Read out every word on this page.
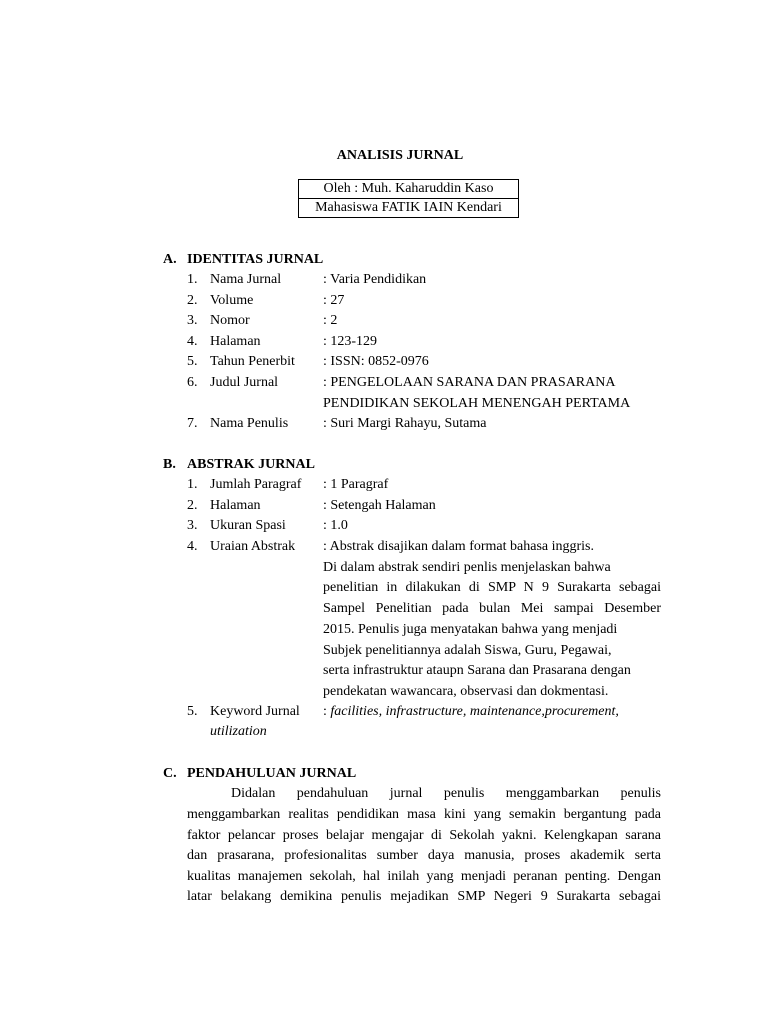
ANALISIS JURNAL
Oleh : Muh. Kaharuddin Kaso
Mahasiswa FATIK IAIN Kendari
A. IDENTITAS JURNAL
1. Nama Jurnal	: Varia Pendidikan
2. Volume	: 27
3. Nomor	: 2
4. Halaman	: 123-129
5. Tahun Penerbit : ISSN: 0852-0976
6. Judul Jurnal	: PENGELOLAAN SARANA DAN PRASARANA
PENDIDIKAN SEKOLAH MENENGAH PERTAMA
7. Nama Penulis : Suri Margi Rahayu, Sutama
B. ABSTRAK JURNAL
1. Jumlah Paragraf : 1 Paragraf
2. Halaman	: Setengah Halaman
3. Ukuran Spasi	: 1.0
4. Uraian Abstrak : Abstrak disajikan dalam format bahasa inggris.
Di dalam abstrak sendiri penlis menjelaskan bahwa
penelitian in dilakukan di SMP N 9 Surakarta sebagai
Sampel Penelitian pada bulan Mei sampai Desember
2015. Penulis juga menyatakan bahwa yang menjadi
Subjek penelitiannya adalah Siswa, Guru, Pegawai,
serta infrastruktur ataupn Sarana dan Prasarana dengan
pendekatan wawancara, observasi dan dokmentasi.
5. Keyword Jurnal : facilities, infrastructure, maintenance,procurement,
utilization
C. PENDAHULUAN JURNAL
Didalan pendahuluan jurnal penulis menggambarkan penulis
menggambarkan realitas pendidikan masa kini yang semakin bergantung pada
faktor pelancar proses belajar mengajar di Sekolah yakni. Kelengkapan sarana
dan prasarana, profesionalitas sumber daya manusia, proses akademik serta
kualitas manajemen sekolah, hal inilah yang menjadi peranan penting. Dengan
latar belakang demikina penulis mejadikan SMP Negeri 9 Surakarta sebagai
